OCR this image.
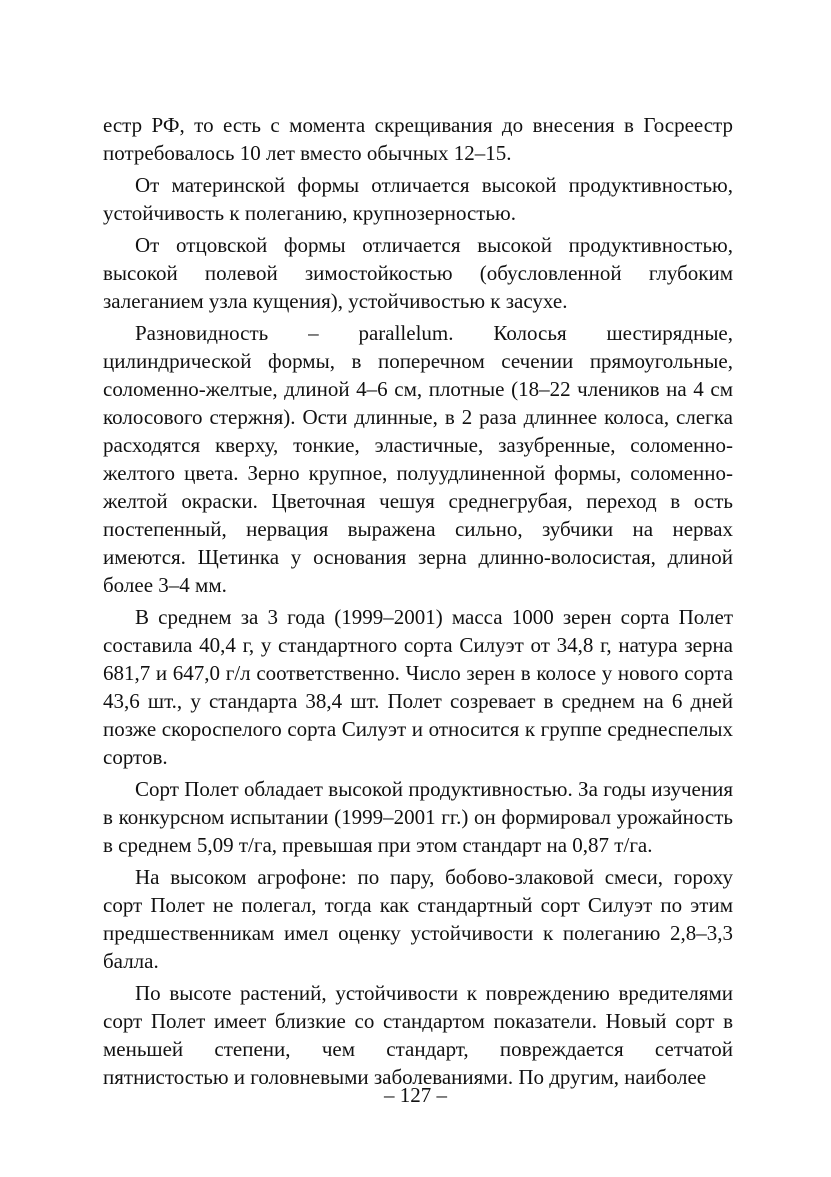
естр РФ, то есть с момента скрещивания до внесения в Госреестр потребовалось 10 лет вместо обычных 12–15.

От материнской формы отличается высокой продуктивностью, устойчивость к полеганию, крупнозерностью.

От отцовской формы отличается высокой продуктивностью, высокой полевой зимостойкостью (обусловленной глубоким залеганием узла кущения), устойчивостью к засухе.

Разновидность – parallelum. Колосья шестирядные, цилиндрической формы, в поперечном сечении прямоугольные, соломенно-желтые, длиной 4–6 см, плотные (18–22 члеников на 4 см колосового стержня). Ости длинные, в 2 раза длиннее колоса, слегка расходятся кверху, тонкие, эластичные, зазубренные, соломенно-желтого цвета. Зерно крупное, полуудлиненной формы, соломенно-желтой окраски. Цветочная чешуя среднегрубая, переход в ость постепенный, нервация выражена сильно, зубчики на нервах имеются. Щетинка у основания зерна длинно-волосистая, длиной более 3–4 мм.

В среднем за 3 года (1999–2001) масса 1000 зерен сорта Полет составила 40,4 г, у стандартного сорта Силуэт от 34,8 г, натура зерна 681,7 и 647,0 г/л соответственно. Число зерен в колосе у нового сорта 43,6 шт., у стандарта 38,4 шт. Полет созревает в среднем на 6 дней позже скороспелого сорта Силуэт и относится к группе среднеспелых сортов.

Сорт Полет обладает высокой продуктивностью. За годы изучения в конкурсном испытании (1999–2001 гг.) он формировал урожайность в среднем 5,09 т/га, превышая при этом стандарт на 0,87 т/га.

На высоком агрофоне: по пару, бобово-злаковой смеси, гороху сорт Полет не полегал, тогда как стандартный сорт Силуэт по этим предшественникам имел оценку устойчивости к полеганию 2,8–3,3 балла.

По высоте растений, устойчивости к повреждению вредителями сорт Полет имеет близкие со стандартом показатели. Новый сорт в меньшей степени, чем стандарт, повреждается сетчатой пятнистостью и головневыми заболеваниями. По другим, наиболее

– 127 –
